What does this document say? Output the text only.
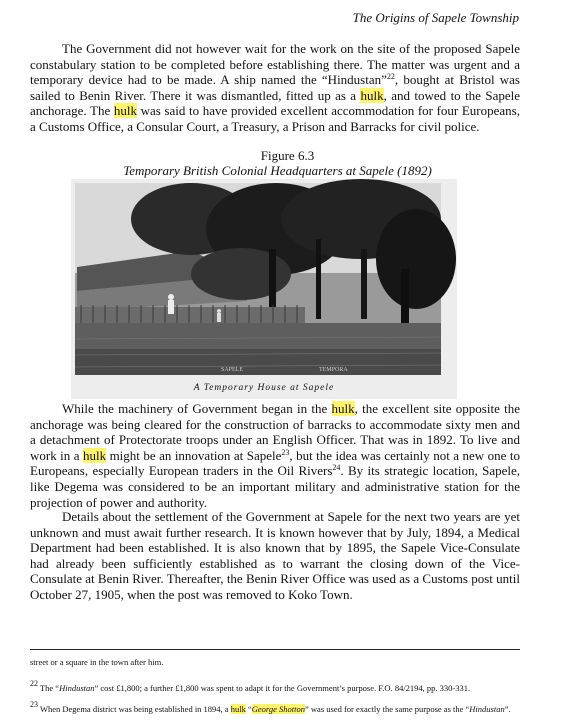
The Origins of Sapele Township

The Government did not however wait for the work on the site of the proposed Sapele constabulary station to be completed before establishing there. The matter was urgent and a temporary device had to be made. A ship named the “Hindustan”$^{22}$, bought at Bristol was sailed to Benin River. There it was dismantled, fitted up as a hulk, and towed to the Sapele anchorage. The hulk was said to have provided excellent accommodation for four Europeans, a Customs Office, a Consular Court, a Treasury, a Prison and Barracks for civil police.

Figure 6.3
Temporary British Colonial Headquarters at Sapele (1892)
SAPELE	TEMPORA
A Temporary House at Sapele

While the machinery of Government began in the hulk, the excellent site opposite the anchorage was being cleared for the construction of barracks to accommodate sixty men and a detachment of Protectorate troops under an English Officer. That was in 1892. To live and work in a hulk might be an innovation at Sapele$^{23}$, but the idea was certainly not a new one to Europeans, especially European traders in the Oil Rivers$^{24}$. By its strategic location, Sapele, like Degema was considered to be an important military and administrative station for the projection of power and authority.

Details about the settlement of the Government at Sapele for the next two years are yet unknown and must await further research. It is known however that by July, 1894, a Medical Department had been established. It is also known that by 1895, the Sapele Vice-Consulate had already been sufficiently established as to warrant the closing down of the Vice-Consulate at Benin River. Thereafter, the Benin River Office was used as a Customs post until October 27, 1905, when the post was removed to Koko Town.

street or a square in the town after him.

$^{22}$ The “Hindustan” cost £1,800; a further £1,800 was spent to adapt it for the Government’s purpose. F.O. 84/2194, pp. 330-331.

$^{23}$ When Degema district was being established in 1894, a hulk “George Shotton” was used for exactly the same purpose as the “Hindustan”.
